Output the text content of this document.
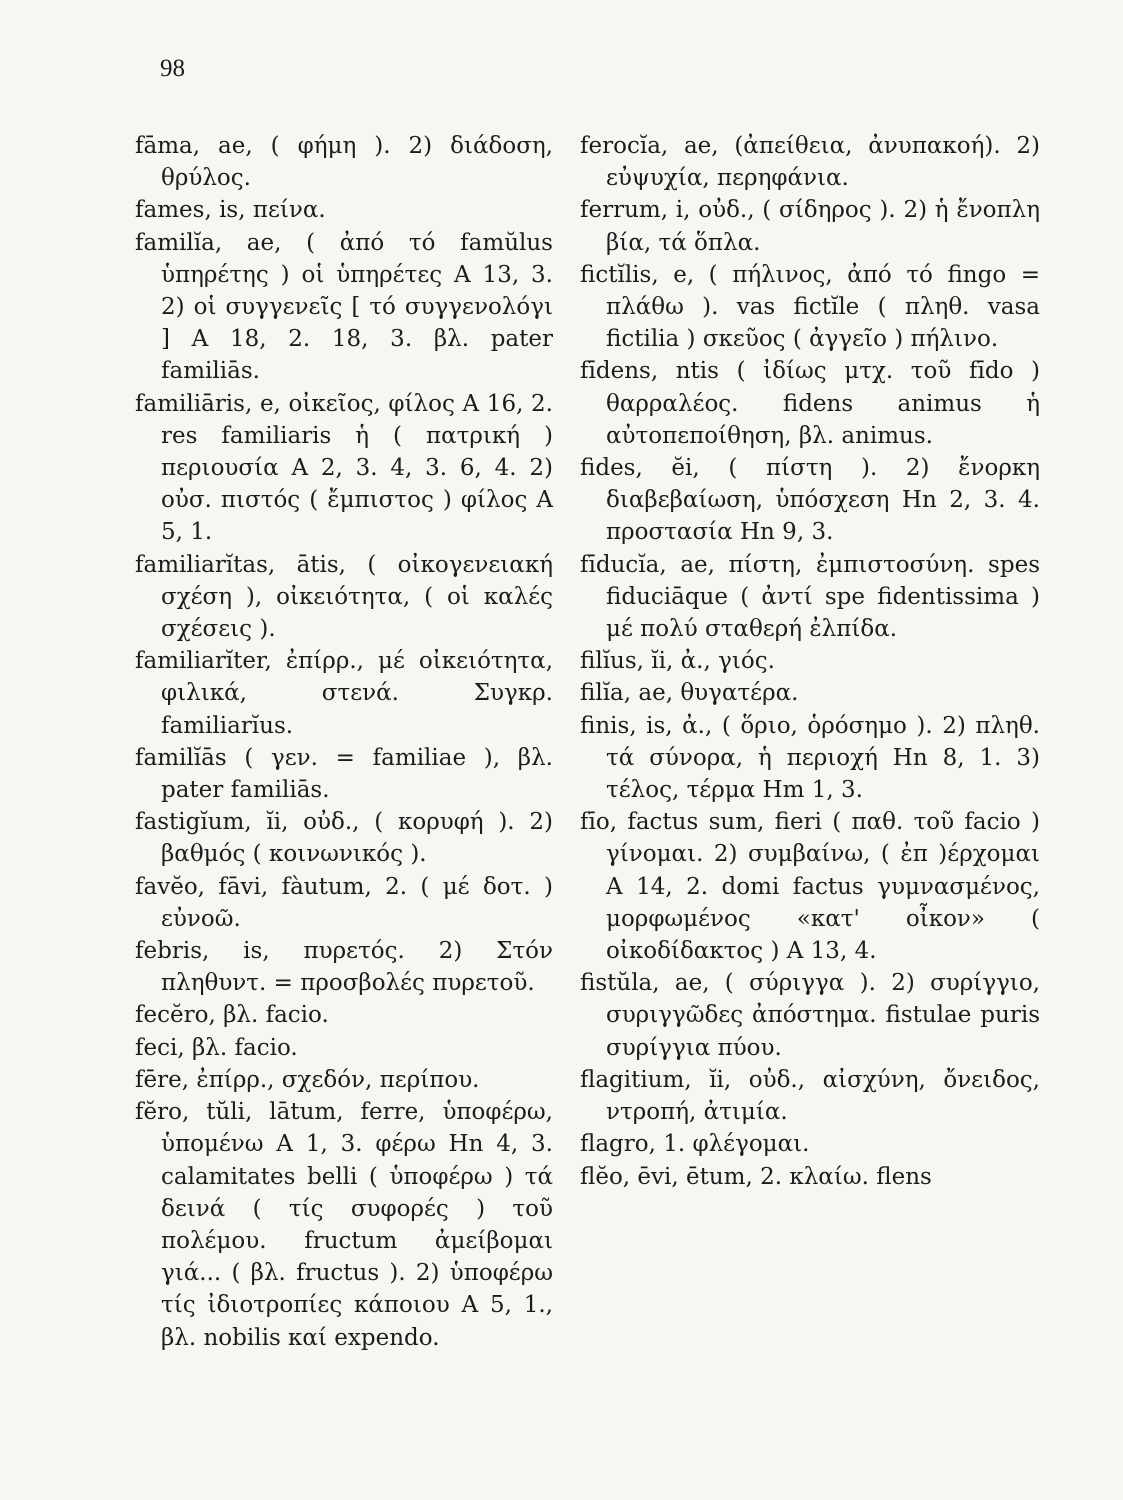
98
fāma, ae, ( φήμη ). 2) διάδοση, θρύλος.
fames, is, πείνα.
familĭa, ae, ( ἀπό τό famŭlus ὑπηρέτης ) οἱ ὑπηρέτες Α 13, 3. 2) οἱ συγγενεῖς [ τό συγγενολόγι ] Α 18, 2. 18, 3. βλ. pater familiās.
familiāris, e, οἰκεῖος, φίλος Α 16, 2. res familiaris ἡ ( πατρική ) περιουσία Α 2, 3. 4, 3. 6, 4. 2) οὐσ. πιστός ( ἔμπιστος ) φίλος Α 5, 1.
familiarĭtas, ātis, ( οἰκογενειακή σχέση ), οἰκειότητα, ( οἱ καλές σχέσεις ).
familiarĭter, ἐπίρρ., μέ οἰκειότητα, φιλικά, στενά. Συγκρ. familiarĭus.
familĭās ( γεν. = familiae ), βλ. pater familiās.
fastigĭum, ĭi, οὐδ., ( κορυφή ). 2) βαθμός ( κοινωνικός ).
favĕo, fāvi, fàutum, 2. ( μέ δοτ. ) εὐνοῶ.
febris, is, πυρετός. 2) Στόν πληθυντ. = προσβολές πυρετοῦ.
fecĕro, βλ. facio.
feci, βλ. facio.
fēre, ἐπίρρ., σχεδόν, περίπου.
fĕro, tŭli, lātum, ferre, ὑποφέρω, ὑπομένω Α 1, 3. φέρω Hn 4, 3. calamitates belli ( ὑποφέρω ) τά δεινά ( τίς συφορές ) τοῦ πολέμου. fructum ἀμείβομαι γιά... ( βλ. fructus ). 2) ὑποφέρω τίς ἰδιοτροπίες κάποιου Α 5, 1., βλ. nobilis καί expendo.
ferocĭa, ae, (ἀπείθεια, ἀνυπακοή). 2) εὐψυχία, περηφάνια.
ferrum, i, οὐδ., ( σίδηρος ). 2) ἡ ἔνοπλη βία, τά ὅπλα.
fictĭlis, e, ( πήλινος, ἀπό τό fingo = πλάθω ). vas fictĭle ( πληθ. vasa fictilia ) σκεῦος ( ἀγγεῖο ) πήλινο.
fīdens, ntis ( ἰδίως μτχ. τοῦ fīdo ) θαρραλέος. fidens animus ἡ αὐτοπεποίθηση, βλ. animus.
fides, ĕi, ( πίστη ). 2) ἔνορκη διαβεβαίωση, ὑπόσχεση Hn 2, 3. 4. προστασία Hn 9, 3.
fīducĭa, ae, πίστη, ἐμπιστοσύνη. spes fiduciāque ( ἀντί spe fidentissima ) μέ πολύ σταθερή ἐλπίδα.
filĭus, ĭi, ἀ., γιός.
filĭa, ae, θυγατέρα.
finis, is, ἀ., ( ὅριο, ὁρόσημο ). 2) πληθ. τά σύνορα, ἡ περιοχή Hn 8, 1. 3) τέλος, τέρμα Hm 1, 3.
fīo, factus sum, fieri ( παθ. τοῦ facio ) γίνομαι. 2) συμβαίνω, ( ἐπ )έρχομαι Α 14, 2. domi factus γυμνασμένος, μορφωμένος «κατ' οἶκον» ( οἰκοδίδακτος ) Α 13, 4.
fistŭla, ae, ( σύριγγα ). 2) συρίγγιο, συριγγῶδες ἀπόστημα. fistulae puris συρίγγια πύου.
flagitium, ĭi, οὐδ., αἰσχύνη, ὄνειδος, ντροπή, ἀτιμία.
flagro, 1. φλέγομαι.
flĕo, ēvi, ētum, 2. κλαίω. flens
